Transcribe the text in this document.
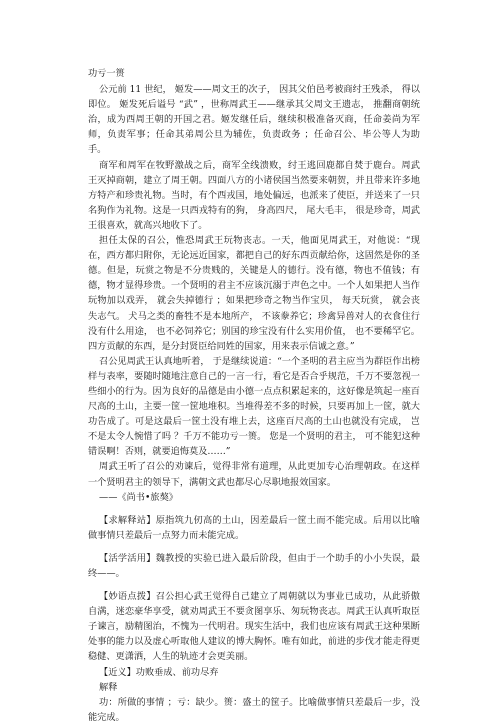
功亏一篑

公元前 11 世纪， 姬发——周文王的次子， 因其父伯邑考被商纣王残杀， 得以即位。 姬发死后谥号 “武” ，世称周武王——继承其父周文王遗志， 推翻商朝统治，成为西周王朝的开国之君。姬发继任后，继续积极准备灭商，任命姜尚为军师，负责军事；任命其弟周公旦为辅佐，负责政务 ；任命召公、毕公等人为助手。

商军和周军在牧野激战之后，商军全线溃败，纣王逃回鹿都自焚于鹿台。周武王灭掉商朝，建立了周王朝。四面八方的小诸侯国当然要来朝贺，并且带来许多地方特产和珍贵礼物。当时，有个西戎国，地处偏远，也派来了使臣，并送来了一只名狗作为礼物。这是一只西戎特有的狗， 身高四尺， 尾大毛丰， 很是珍奇，周武王很喜欢，就高兴地收下了。

担任太保的召公，惟恐周武王玩物丧志。一天，他面见周武王，对他说：“现在，西方都归附你，无论远近国家，都把自己的好东西贡献给你，这固然是你的圣德。但是，玩赏之物是不分贵贱的，关键是人的德行。没有德，物也不值钱；有德，物才显得珍贵。一个贤明的君主不应该沉溺于声色之中。一个人如果把人当作玩物加以戏弄， 就会失掉德行 ；如果把珍奇之物当作宝贝， 每天玩赏， 就会丧失志气。 犬马之类的畜牲不是本地所产， 不该豢养它；珍禽异兽对人的衣食住行没有什么用途， 也不必饲养它；别国的珍宝没有什么实用价值， 也不要稀罕它。 四方贡献的东西，是分封贤臣给同姓的国家，用来表示信诚之意。”

召公见周武王认真地听着， 于是继续说道：“一个圣明的君主应当为群臣作出榜样与表率，要随时随地注意自己的一言一行，看它是否合乎规范，千万不要忽视一些细小的行为。因为良好的品德是由小德一点点积累起来的，这好像是筑起一座百尺高的土山，主要一筐一筐地堆积。当堆得差不多的时候，只要再加上一筐，就大功告成了。可是这最后一筐土没有堆上去，这座百尺高的土山也就没有完成， 岂不是太令人惋惜了吗 ？千万不能功亏一篑。 您是一个贤明的君主， 可不能犯这种错误啊！否则，就要追悔莫及……”

周武王听了召公的劝谏后，觉得非常有道理，从此更加专心治理朝政。在这样一个贤明君主的领导下，满朝文武也都尽心尽职地报效国家。

——《尚书•旅獒》

【求解释站】原指筑九仞高的土山，因差最后一筐土而不能完成。后用以比喻做事情只差最后一点努力而未能完成。

【活学活用】魏教授的实验已进入最后阶段，但由于一个助手的小小失误，最终——。

【妙语点拨】召公担心武王觉得自己建立了周朝就以为事业已成功，从此骄傲自满，迷恋豪华享受，就劝周武王不要贪图享乐、匆玩物丧志。周武王认真听取臣子谏言，励精图治，不愧为一代明君。现实生活中，我们也应该有周武王这种果断处事的能力以及虚心听取他人建议的博大胸怀。唯有如此，前进的步伐才能走得更稳健、更潇洒，人生的轨迹才会更美丽。

【近义】功败垂成、前功尽弃

解释

功：所做的事情 ；亏：缺少。篑：盛土的筐子。比喻做事情只差最后一步，没能完成。
